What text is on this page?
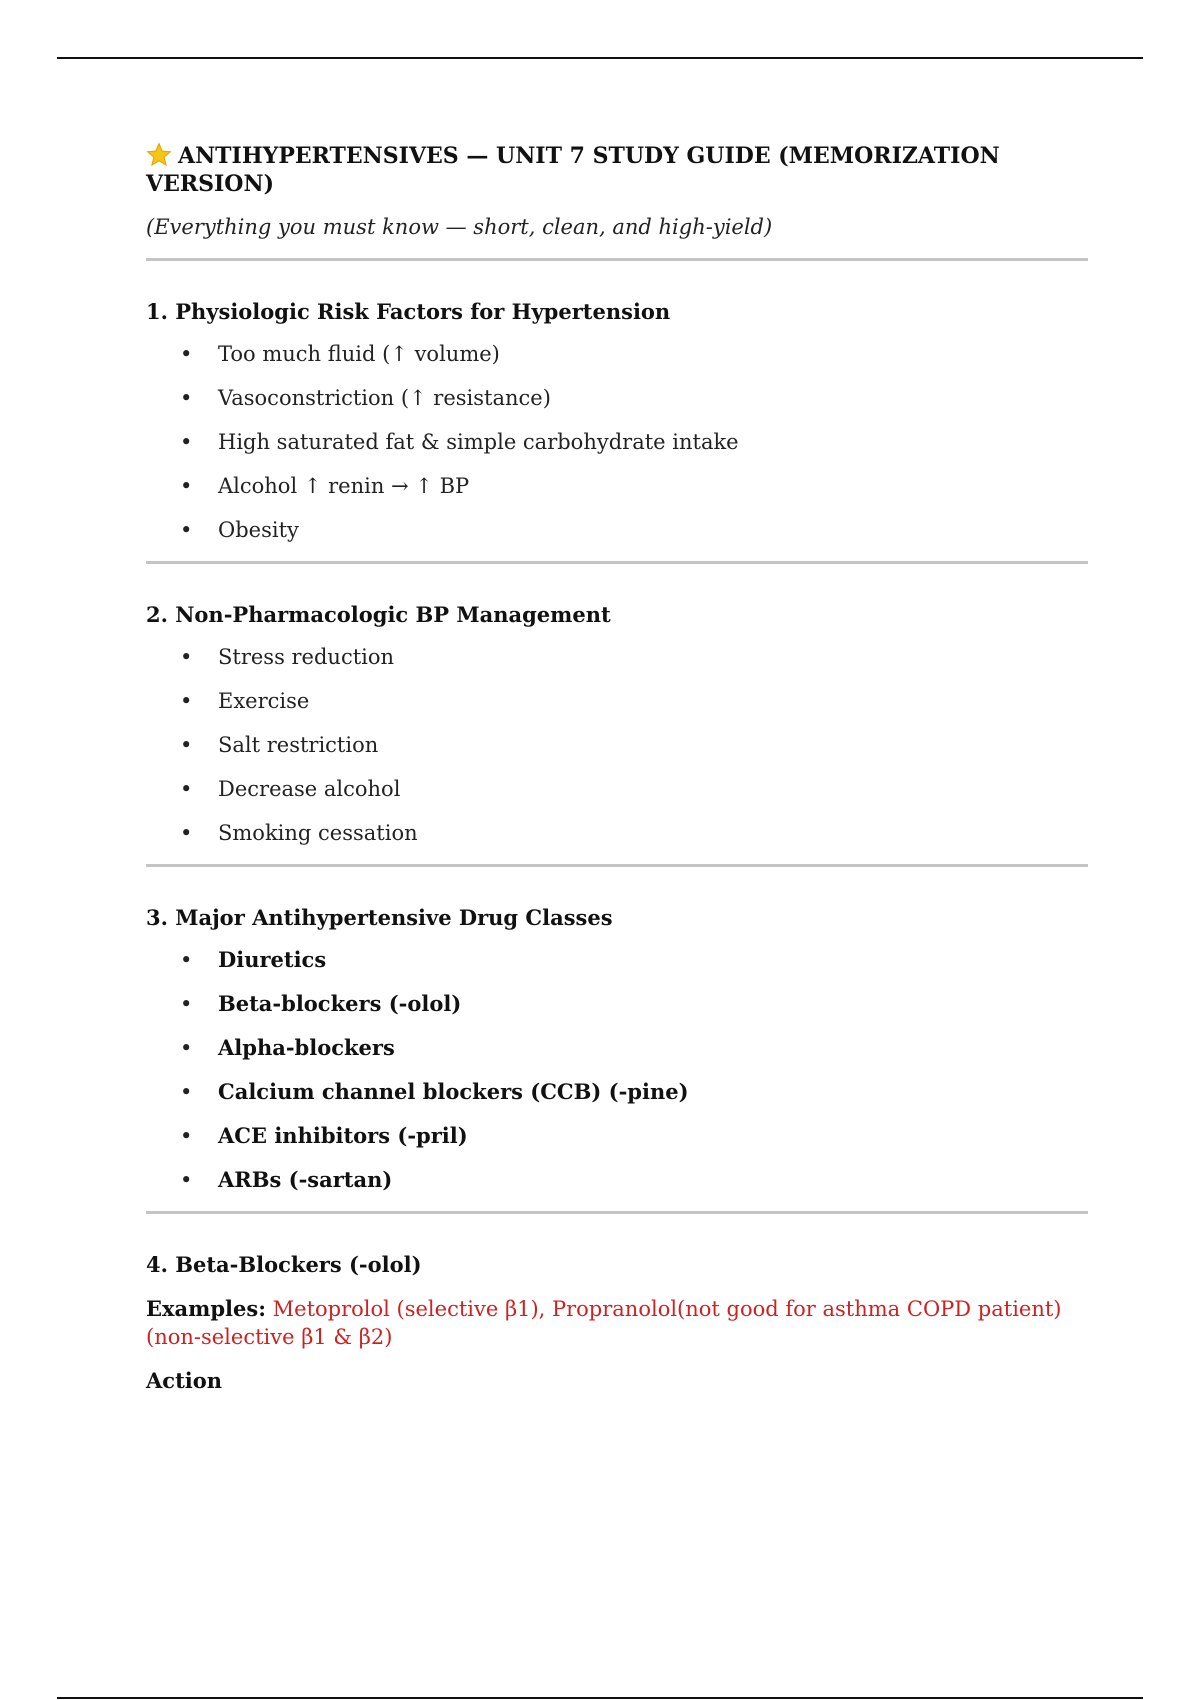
ANTIHYPERTENSIVES — UNIT 7 STUDY GUIDE (MEMORIZATION VERSION)

(Everything you must know — short, clean, and high-yield)

1. Physiologic Risk Factors for Hypertension
• Too much fluid (↑ volume)
• Vasoconstriction (↑ resistance)
• High saturated fat & simple carbohydrate intake
• Alcohol ↑ renin → ↑ BP
• Obesity
2. Non-Pharmacologic BP Management
• Stress reduction
• Exercise
• Salt restriction
• Decrease alcohol
• Smoking cessation
3. Major Antihypertensive Drug Classes
• Diuretics
• Beta-blockers (-olol)
• Alpha-blockers
• Calcium channel blockers (CCB) (-pine)
• ACE inhibitors (-pril)
• ARBs (-sartan)
4. Beta-Blockers (-olol)

Examples: Metoprolol (selective β1), Propranolol(not good for asthma COPD patient) (non-selective β1 & β2)

Action
